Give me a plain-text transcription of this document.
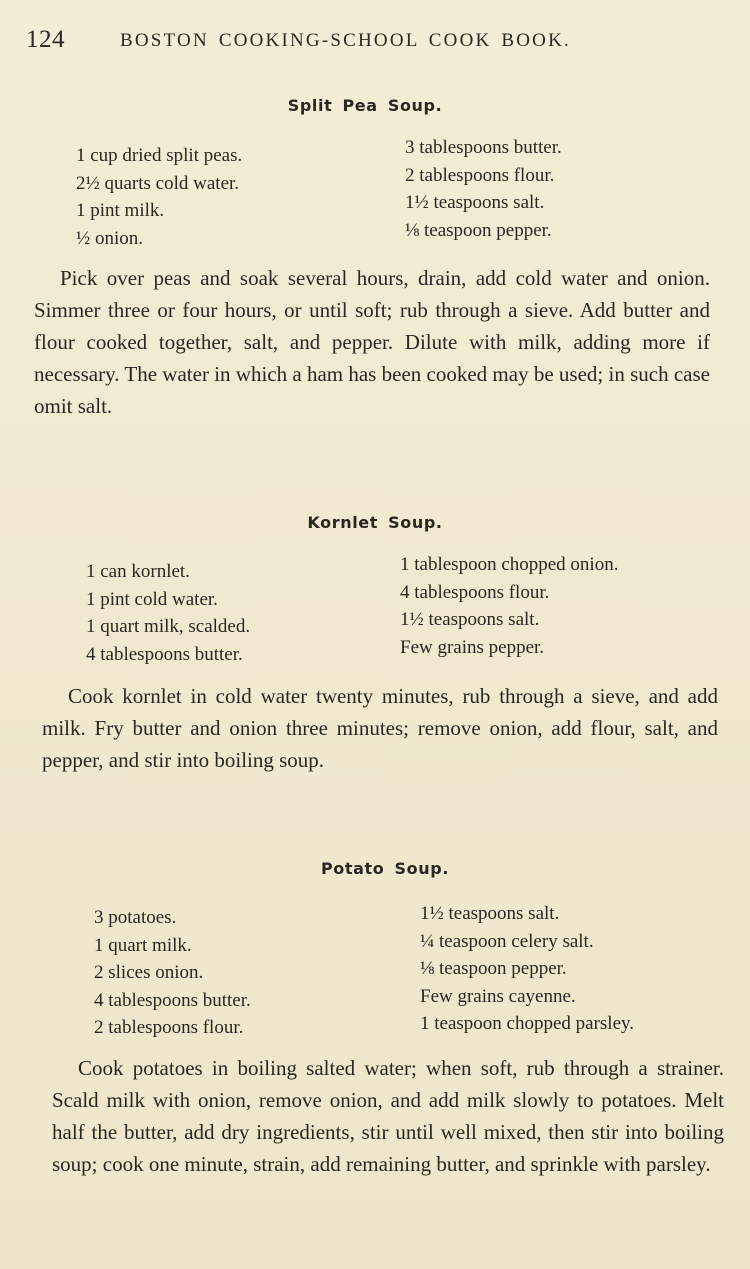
124	BOSTON COOKING-SCHOOL COOK BOOK.
Split Pea Soup.
1 cup dried split peas.
2½ quarts cold water.
1 pint milk.
½ onion.
3 tablespoons butter.
2 tablespoons flour.
1½ teaspoons salt.
⅛ teaspoon pepper.

Pick over peas and soak several hours, drain, add cold water and onion. Simmer three or four hours, or until soft; rub through a sieve. Add butter and flour cooked together, salt, and pepper. Dilute with milk, adding more if necessary. The water in which a ham has been cooked may be used; in such case omit salt.

Kornlet Soup.
1 can kornlet.
1 pint cold water.
1 quart milk, scalded.
4 tablespoons butter.
1 tablespoon chopped onion.
4 tablespoons flour.
1½ teaspoons salt.
Few grains pepper.

Cook kornlet in cold water twenty minutes, rub through a sieve, and add milk. Fry butter and onion three minutes; remove onion, add flour, salt, and pepper, and stir into boiling soup.

Potato Soup.
3 potatoes.
1 quart milk.
2 slices onion.
4 tablespoons butter.
2 tablespoons flour.
1½ teaspoons salt.
¼ teaspoon celery salt.
⅛ teaspoon pepper.
Few grains cayenne.
1 teaspoon chopped parsley.

Cook potatoes in boiling salted water; when soft, rub through a strainer. Scald milk with onion, remove onion, and add milk slowly to potatoes. Melt half the butter, add dry ingredients, stir until well mixed, then stir into boiling soup; cook one minute, strain, add remaining butter, and sprinkle with parsley.
